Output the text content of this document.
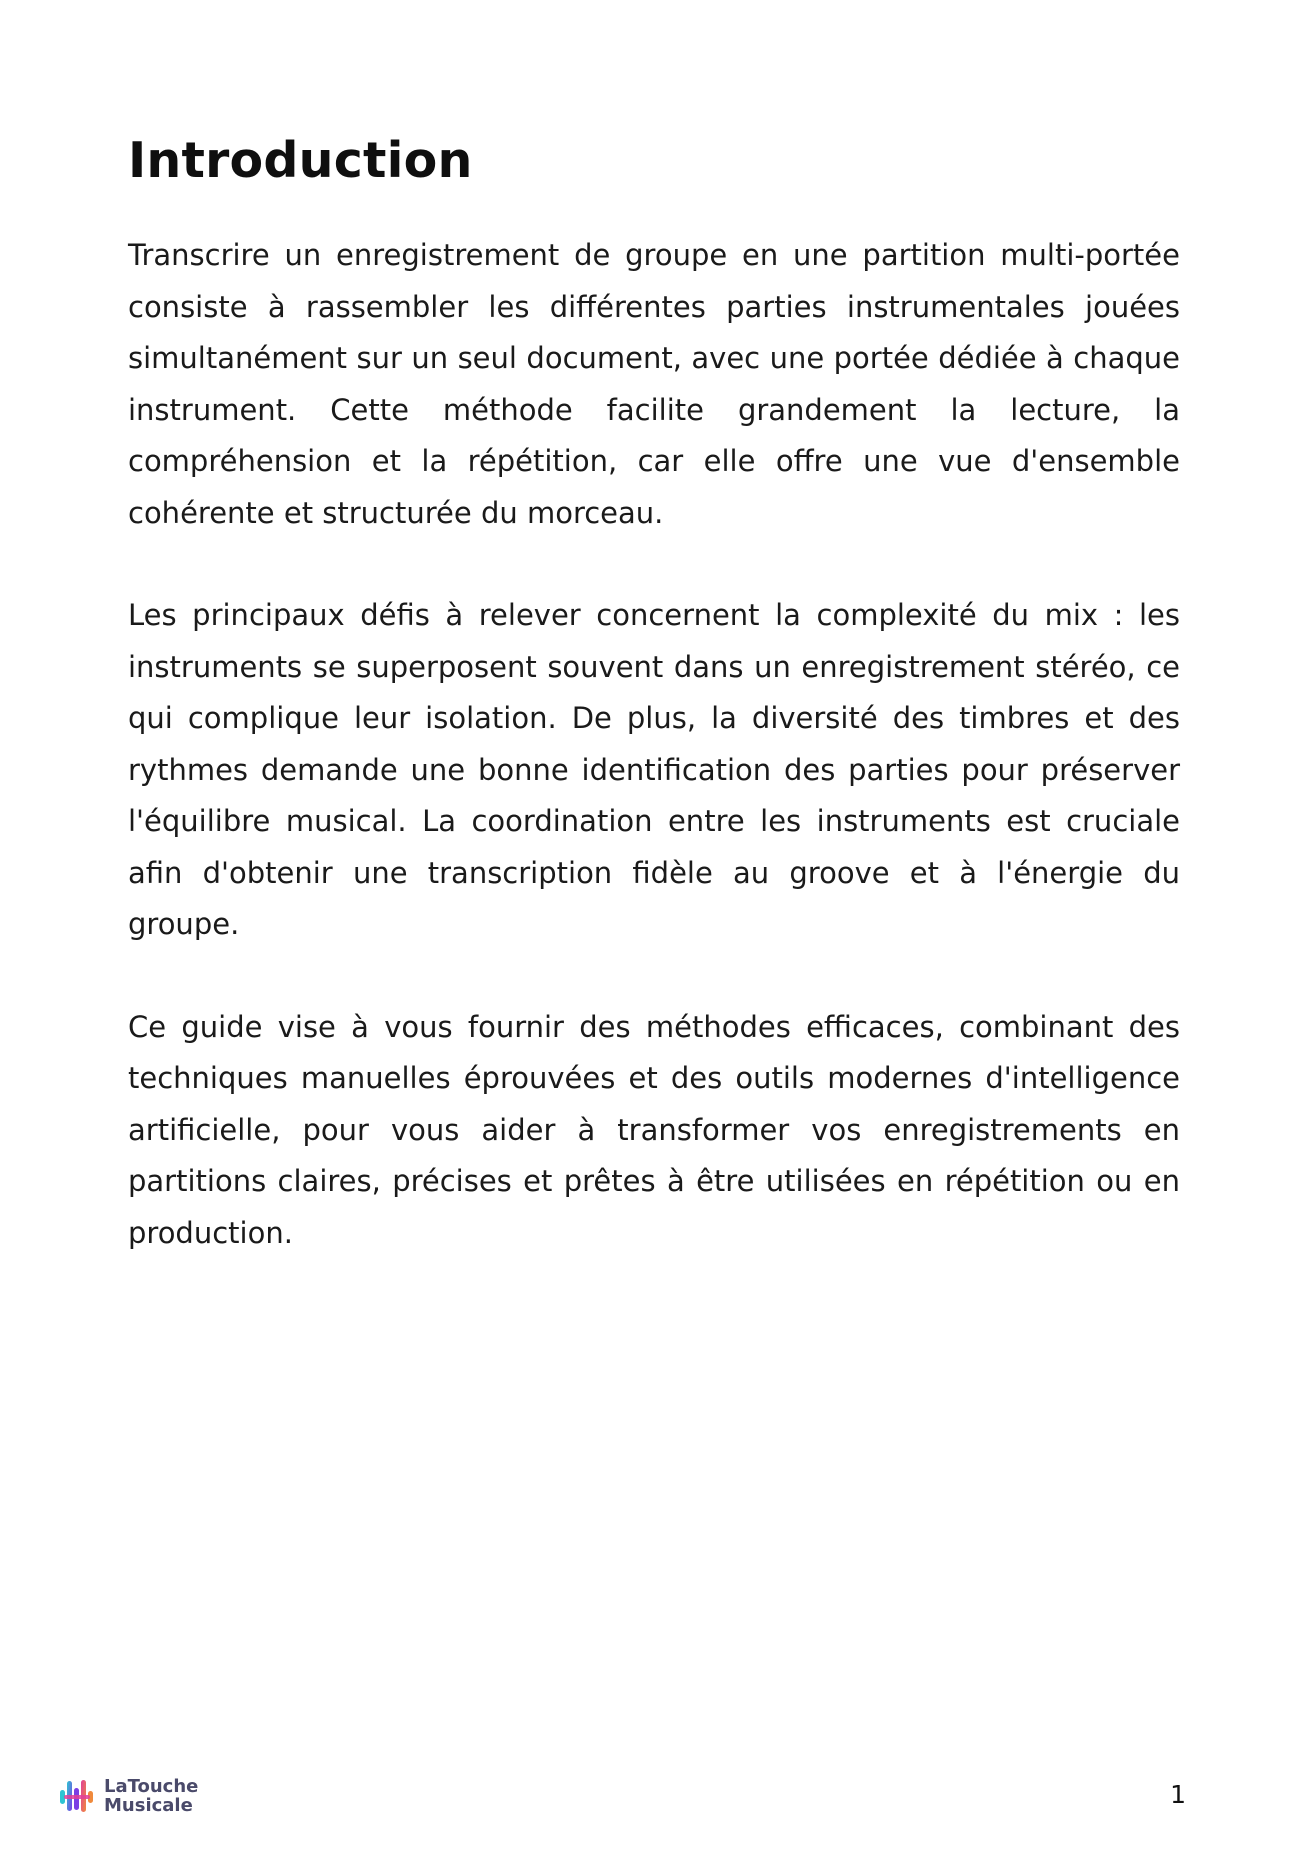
Introduction

Transcrire un enregistrement de groupe en une partition multi-portée consiste à rassembler les différentes parties instrumentales jouées simultanément sur un seul document, avec une portée dédiée à chaque instrument. Cette méthode facilite grandement la lecture, la compréhension et la répétition, car elle offre une vue d'ensemble cohérente et structurée du morceau.

Les principaux défis à relever concernent la complexité du mix : les instruments se superposent souvent dans un enregistrement stéréo, ce qui complique leur isolation. De plus, la diversité des timbres et des rythmes demande une bonne identification des parties pour préserver l'équilibre musical. La coordination entre les instruments est cruciale afin d'obtenir une transcription fidèle au groove et à l'énergie du groupe.

Ce guide vise à vous fournir des méthodes efficaces, combinant des techniques manuelles éprouvées et des outils modernes d'intelligence artificielle, pour vous aider à transformer vos enregistrements en partitions claires, précises et prêtes à être utilisées en répétition ou en production.

LaTouche
Musicale	1
